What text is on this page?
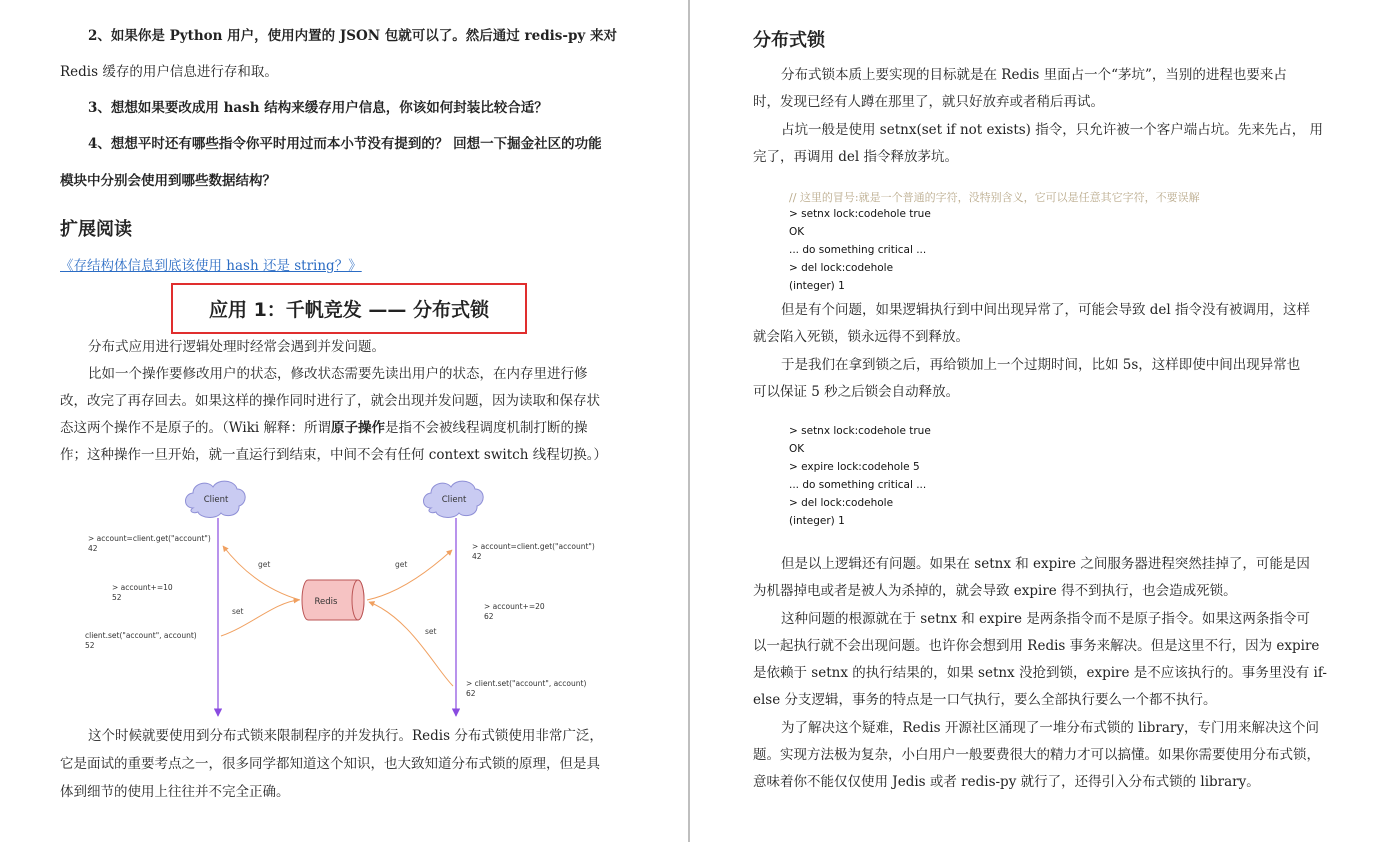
2、如果你是 Python 用户，使用内置的 JSON 包就可以了。然后通过 redis-py 来对
Redis 缓存的用户信息进行存和取。
3、想想如果要改成用 hash 结构来缓存用户信息，你该如何封装比较合适？
4、想想平时还有哪些指令你平时用过而本小节没有提到的？ 回想一下掘金社区的功能
模块中分别会使用到哪些数据结构？
扩展阅读
《存结构体信息到底该使用 hash 还是 string？》
应用 1：千帆竞发 —— 分布式锁
分布式应用进行逻辑处理时经常会遇到并发问题。
比如一个操作要修改用户的状态，修改状态需要先读出用户的状态，在内存里进行修
改，改完了再存回去。如果这样的操作同时进行了，就会出现并发问题，因为读取和保存状
态这两个操作不是原子的。（Wiki 解释：所谓原子操作是指不会被线程调度机制打断的操
作；这种操作一旦开始，就一直运行到结束，中间不会有任何 context switch 线程切换。）
Client	Client
Redis
get
set
get
set
> account=client.get("account")
42
> account+=10
52
client.set("account", account)
52
> account=client.get("account")
42
> account+=20
62
> client.set("account", account)
62
这个时候就要使用到分布式锁来限制程序的并发执行。Redis 分布式锁使用非常广泛，
它是面试的重要考点之一，很多同学都知道这个知识，也大致知道分布式锁的原理，但是具
体到细节的使用上往往并不完全正确。
分布式锁
分布式锁本质上要实现的目标就是在 Redis 里面占一个“茅坑”，当别的进程也要来占
时，发现已经有人蹲在那里了，就只好放弃或者稍后再试。
占坑一般是使用 setnx(set if not exists) 指令，只允许被一个客户端占坑。先来先占， 用
完了，再调用 del 指令释放茅坑。
// 这里的冒号:就是一个普通的字符，没特别含义，它可以是任意其它字符，不要误解
> setnx lock:codehole true
OK
... do something critical ...
> del lock:codehole
(integer) 1
但是有个问题，如果逻辑执行到中间出现异常了，可能会导致 del 指令没有被调用，这样
就会陷入死锁，锁永远得不到释放。
于是我们在拿到锁之后，再给锁加上一个过期时间，比如 5s，这样即使中间出现异常也
可以保证 5 秒之后锁会自动释放。
> setnx lock:codehole true
OK
> expire lock:codehole 5
... do something critical ...
> del lock:codehole
(integer) 1
但是以上逻辑还有问题。如果在 setnx 和 expire 之间服务器进程突然挂掉了，可能是因
为机器掉电或者是被人为杀掉的，就会导致 expire 得不到执行，也会造成死锁。
这种问题的根源就在于 setnx 和 expire 是两条指令而不是原子指令。如果这两条指令可
以一起执行就不会出现问题。也许你会想到用 Redis 事务来解决。但是这里不行，因为 expire
是依赖于 setnx 的执行结果的，如果 setnx 没抢到锁，expire 是不应该执行的。事务里没有 if-
else 分支逻辑，事务的特点是一口气执行，要么全部执行要么一个都不执行。
为了解决这个疑难，Redis 开源社区涌现了一堆分布式锁的 library，专门用来解决这个问
题。实现方法极为复杂，小白用户一般要费很大的精力才可以搞懂。如果你需要使用分布式锁，
意味着你不能仅仅使用 Jedis 或者 redis-py 就行了，还得引入分布式锁的 library。
